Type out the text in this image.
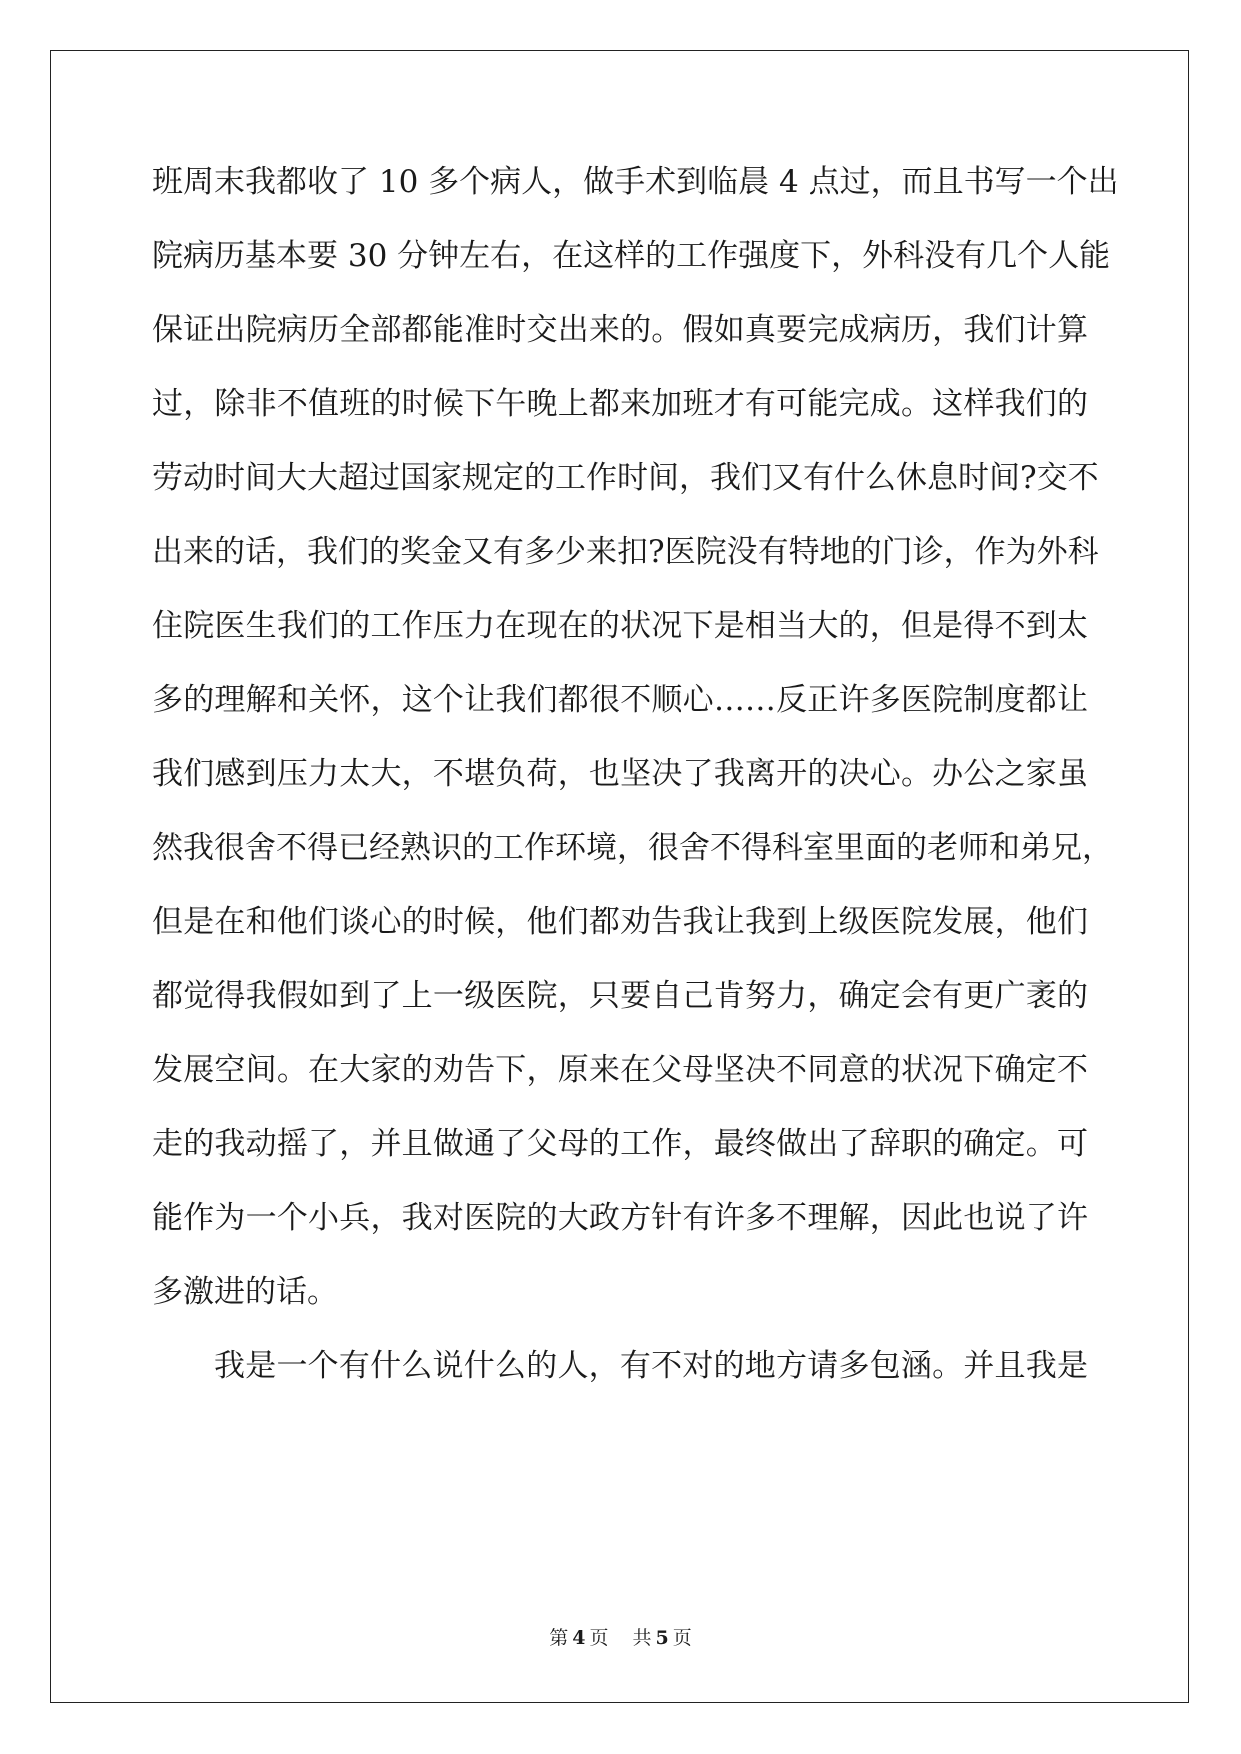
班周末我都收了 10 多个病人，做手术到临晨 4 点过，而且书写一个出
院病历基本要 30 分钟左右，在这样的工作强度下，外科没有几个人能
保证出院病历全部都能准时交出来的。假如真要完成病历，我们计算
过，除非不值班的时候下午晚上都来加班才有可能完成。这样我们的
劳动时间大大超过国家规定的工作时间，我们又有什么休息时间?交不
出来的话，我们的奖金又有多少来扣?医院没有特地的门诊，作为外科
住院医生我们的工作压力在现在的状况下是相当大的，但是得不到太
多的理解和关怀，这个让我们都很不顺心……反正许多医院制度都让
我们感到压力太大，不堪负荷，也坚决了我离开的决心。办公之家虽
然我很舍不得已经熟识的工作环境，很舍不得科室里面的老师和弟兄，
但是在和他们谈心的时候，他们都劝告我让我到上级医院发展，他们
都觉得我假如到了上一级医院，只要自己肯努力，确定会有更广袤的
发展空间。在大家的劝告下，原来在父母坚决不同意的状况下确定不
走的我动摇了，并且做通了父母的工作，最终做出了辞职的确定。可
能作为一个小兵，我对医院的大政方针有许多不理解，因此也说了许
多激进的话。
我是一个有什么说什么的人，有不对的地方请多包涵。并且我是
第 4 页 共 5 页
